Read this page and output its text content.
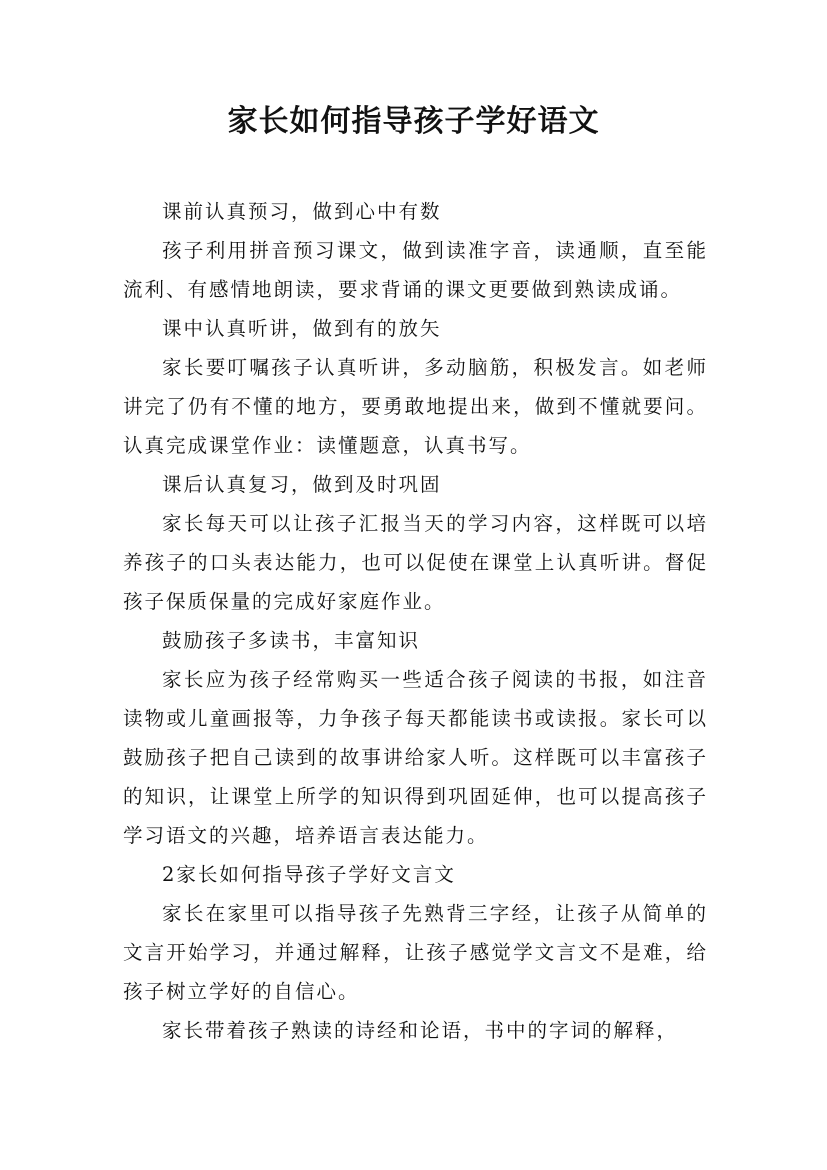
家长如何指导孩子学好语文

课前认真预习，做到心中有数

孩子利用拼音预习课文，做到读准字音，读通顺，直至能流利、有感情地朗读，要求背诵的课文更要做到熟读成诵。

课中认真听讲，做到有的放矢

家长要叮嘱孩子认真听讲，多动脑筋，积极发言。如老师讲完了仍有不懂的地方，要勇敢地提出来，做到不懂就要问。认真完成课堂作业：读懂题意，认真书写。

课后认真复习，做到及时巩固

家长每天可以让孩子汇报当天的学习内容，这样既可以培养孩子的口头表达能力，也可以促使在课堂上认真听讲。督促孩子保质保量的完成好家庭作业。

鼓励孩子多读书，丰富知识

家长应为孩子经常购买一些适合孩子阅读的书报，如注音读物或儿童画报等，力争孩子每天都能读书或读报。家长可以鼓励孩子把自己读到的故事讲给家人听。这样既可以丰富孩子的知识，让课堂上所学的知识得到巩固延伸，也可以提高孩子学习语文的兴趣，培养语言表达能力。

2家长如何指导孩子学好文言文

家长在家里可以指导孩子先熟背三字经，让孩子从简单的文言开始学习，并通过解释，让孩子感觉学文言文不是难，给孩子树立学好的自信心。

家长带着孩子熟读的诗经和论语，书中的字词的解释，
